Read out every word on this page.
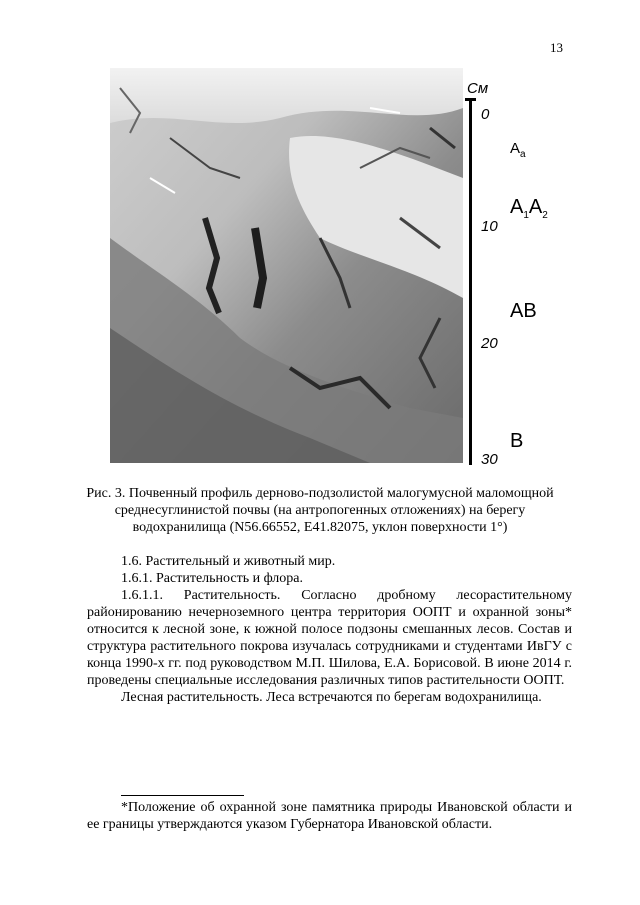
13
См
0
10
20
30
$A_a$
$A_1A_2$
AB
B
Рис. 3. Почвенный профиль дерново-подзолистой малогумусной маломощной среднесуглинистой почвы (на антропогенных отложениях) на берегу водохранилища (N56.66552, E41.82075, уклон поверхности 1°)

1.6. Растительный и животный мир.

1.6.1. Растительность и флора.

1.6.1.1. Растительность. Согласно дробному лесорастительному районированию нечерноземного центра территория ООПТ и охранной зоны* относится к лесной зоне, к южной полосе подзоны смешанных лесов. Состав и структура растительного покрова изучалась сотрудниками и студентами ИвГУ с конца 1990-х гг. под руководством М.П. Шилова, Е.А. Борисовой. В июне 2014 г. проведены специальные исследования различных типов растительности ООПТ.

Лесная растительность. Леса встречаются по берегам водохранилища.

*Положение об охранной зоне памятника природы Ивановской области и ее границы утверждаются указом Губернатора Ивановской области.
